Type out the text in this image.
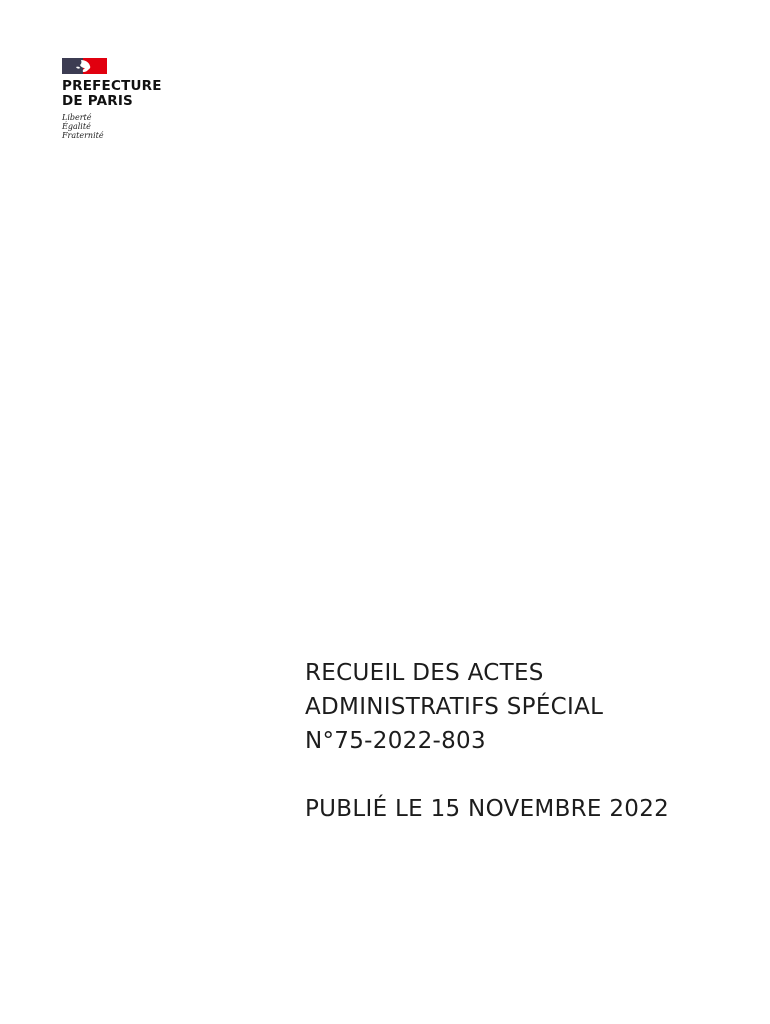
PREFECTURE
DE PARIS
Liberté
Égalité
Fraternité
RECUEIL DES ACTES
ADMINISTRATIFS SPÉCIAL
N°75-2022-803
PUBLIÉ LE 15 NOVEMBRE 2022
